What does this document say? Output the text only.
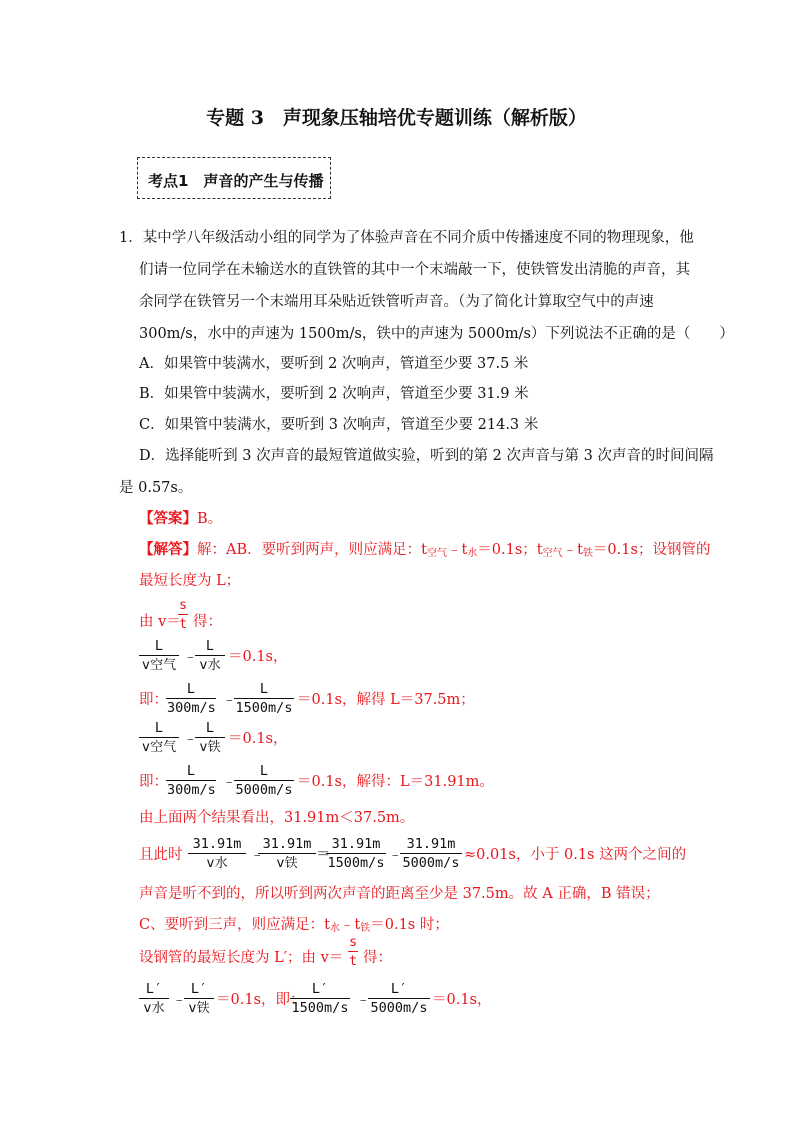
专题 3　声现象压轴培优专题训练（解析版）
考点1　声音的产生与传播
1．某中学八年级活动小组的同学为了体验声音在不同介质中传播速度不同的物理现象，他
们请一位同学在未输送水的直铁管的其中一个末端敲一下，使铁管发出清脆的声音，其
余同学在铁管另一个末端用耳朵贴近铁管听声音。（为了简化计算取空气中的声速
300m/s，水中的声速为 1500m/s，铁中的声速为 5000m/s）下列说法不正确的是（　　）
A．如果管中装满水，要听到 2 次响声，管道至少要 37.5 米
B．如果管中装满水，要听到 2 次响声，管道至少要 31.9 米
C．如果管中装满水，要听到 3 次响声，管道至少要 214.3 米
D．选择能听到 3 次声音的最短管道做实验，听到的第 2 次声音与第 3 次声音的时间间隔
是 0.57s。
【答案】B。
【解答】解：AB．要听到两声，则应满足：$t_{空气}﹣t_水=0.1s$；$t_{空气}﹣t_铁=0.1s$；设钢管的
最短长度为 L；
由 v＝
$\frac{s}{t}$ 得：
L
v空气
﹣
L
v水
＝0.1s，
即：
$\frac{L}{300m/s}$ ﹣
$\frac{L}{1500m/s} =0.1s$，解得 L＝37.5m；
L
v空气
﹣
L
v铁
＝0.1s，
即：
$\frac{L}{300m/s}$ ﹣
$\frac{L}{5000m/s} =0.1s$，解得：L＝31.91m。
由上面两个结果看出，31.91m＜37.5m。
且此时
31.91m
v水
﹣
31.91m
v铁
＝
$\frac{31.91m}{1500m/s}$ ﹣
$\frac{31.91m}{5000m/s} \approx 0.01s$，小于 0.1s 这两个之间的
声音是听不到的，所以听到两次声音的距离至少是 37.5m。故 A 正确，B 错误；
C、要听到三声，则应满足：$t_水﹣t_铁=0.1s$ 时；
设钢管的最短长度为 L′；由 $v= \frac{s}{t}$ 得：
L′
v水
﹣
L′
v铁
＝0.1s，即：
$\frac{L'}{1500m/s}$ ﹣
$\frac{L'}{5000m/s} =0.1s$，
